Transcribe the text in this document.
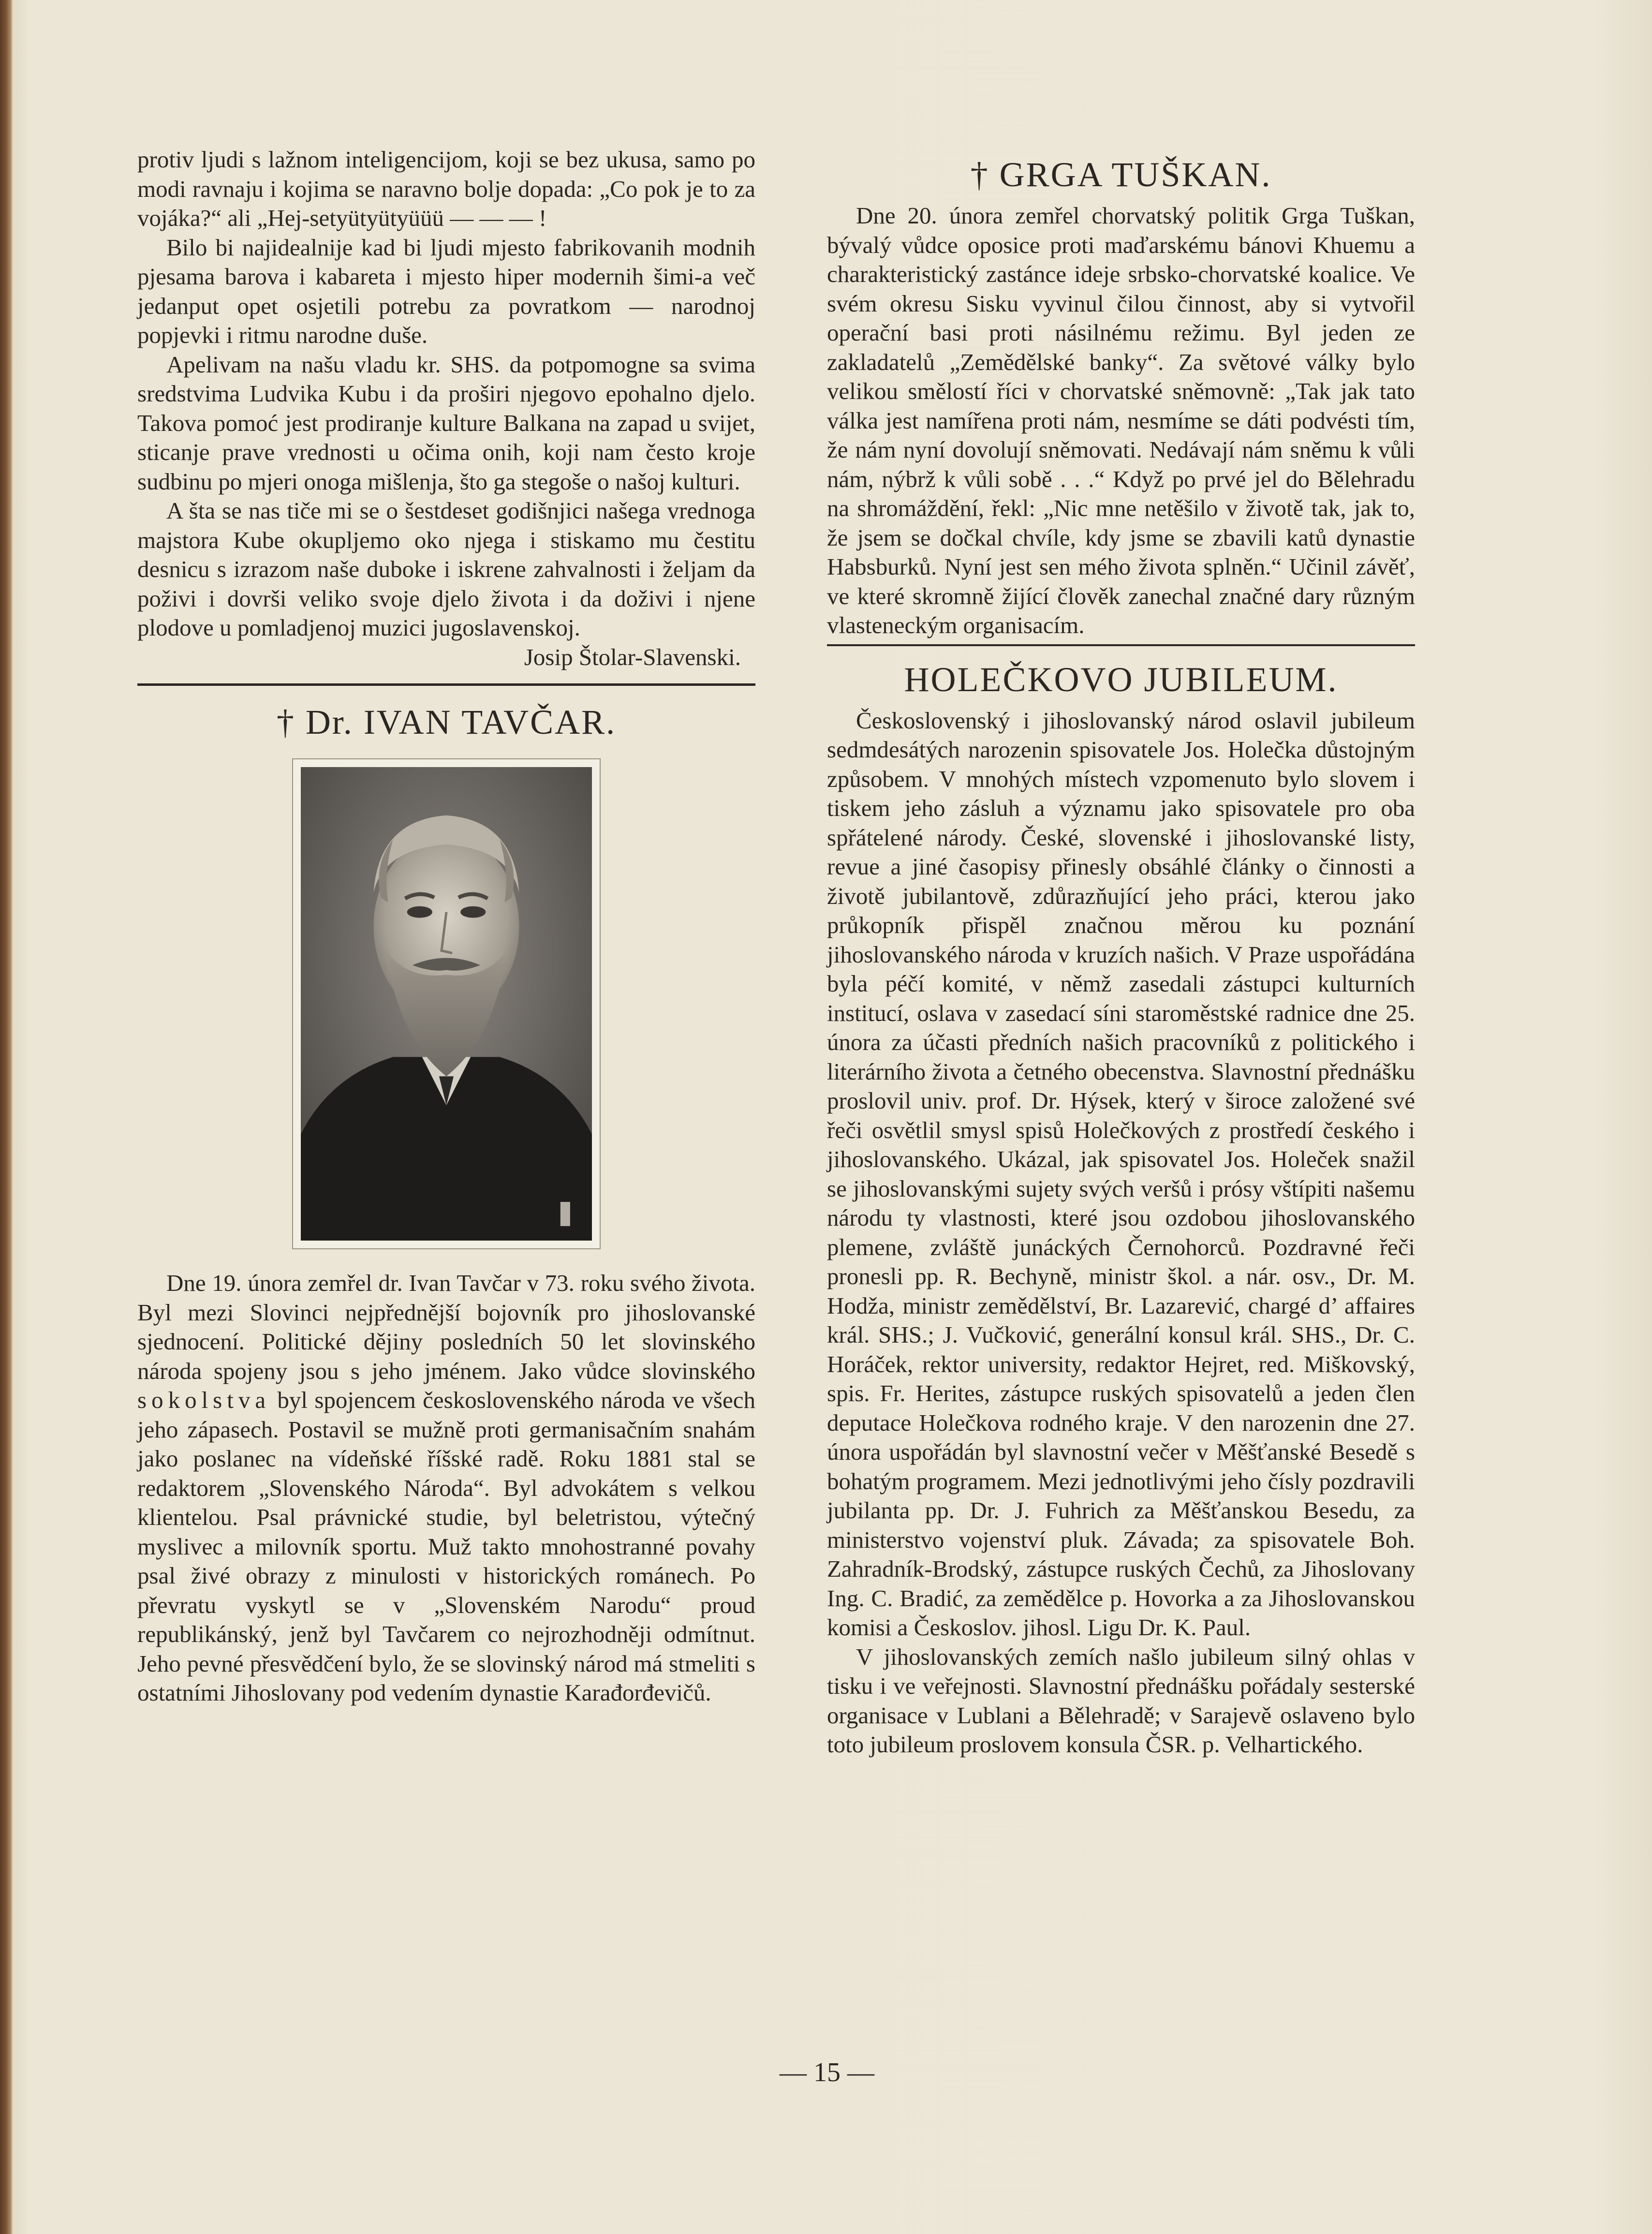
protiv ljudi s lažnom inteligencijom, koji se bez ukusa, samo po modi ravnaju i kojima se naravno bolje dopada: „Co pok je to za vojáka?“ ali „Hej-setyütyütyüüü — — — !

Bilo bi najidealnije kad bi ljudi mjesto fabrikovanih modnih pjesama barova i kabareta i mjesto hiper modernih šimi-a več jedanput opet osjetili potrebu za povratkom — narodnoj popjevki i ritmu narodne duše.

Apelivam na našu vladu kr. SHS. da potpomogne sa svima sredstvima Ludvika Kubu i da proširi njegovo epohalno djelo. Takova pomoć jest prodiranje kulture Balkana na zapad u svijet, sticanje prave vrednosti u očima onih, koji nam često kroje sudbinu po mjeri onoga mišlenja, što ga stegoše o našoj kulturi.

A šta se nas tiče mi se o šestdeset godišnjici našega vrednoga majstora Kube okupljemo oko njega i stiskamo mu čestitu desnicu s izrazom naše duboke i iskrene zahvalnosti i željam da poživi i dovrši veliko svoje djelo života i da doživi i njene plodove u pomladjenoj muzici jugoslavenskoj.

Josip Štolar-Slavenski.

† Dr. IVAN TAVČAR.

Dne 19. února zemřel dr. Ivan Tavčar v 73. roku svého života. Byl mezi Slovinci nejpřednější bojovník pro jihoslovanské sjednocení. Politické dějiny posledních 50 let slovinského národa spojeny jsou s jeho jménem. Jako vůdce slovinského sokolstva byl spojencem československého národa ve všech jeho zápasech. Postavil se mužně proti germanisačním snahám jako poslanec na vídeňské říšské radě. Roku 1881 stal se redaktorem „Slovenského Národa“. Byl advokátem s velkou klientelou. Psal právnické studie, byl beletristou, výtečný myslivec a milovník sportu. Muž takto mnohostranné povahy psal živé obrazy z minulosti v historických románech. Po převratu vyskytl se v „Slovenském Narodu“ proud republikánský, jenž byl Tavčarem co nejrozhodněji odmítnut. Jeho pevné přesvědčení bylo, že se slovinský národ má stmeliti s ostatními Jihoslovany pod vedením dynastie Karađorđevičů.

† GRGA TUŠKAN.

Dne 20. února zemřel chorvatský politik Grga Tuškan, bývalý vůdce oposice proti maďarskému bánovi Khuemu a charakteristický zastánce ideje srbsko-chorvatské koalice. Ve svém okresu Sisku vyvinul čilou činnost, aby si vytvořil operační basi proti násilnému režimu. Byl jeden ze zakladatelů „Zemědělské banky“. Za světové války bylo velikou smělostí říci v chorvatské sněmovně: „Tak jak tato válka jest namířena proti nám, nesmíme se dáti podvésti tím, že nám nyní dovolují sněmovati. Nedávají nám sněmu k vůli nám, nýbrž k vůli sobě . . .“ Když po prvé jel do Bělehradu na shromáždění, řekl: „Nic mne netěšilo v životě tak, jak to, že jsem se dočkal chvíle, kdy jsme se zbavili katů dynastie Habsburků. Nyní jest sen mého života splněn.“ Učinil závěť, ve které skromně žijící člověk zanechal značné dary různým vlasteneckým organisacím.

HOLEČKOVO JUBILEUM.

Československý i jihoslovanský národ oslavil jubileum sedmdesátých narozenin spisovatele Jos. Holečka důstojným způsobem. V mnohých místech vzpomenuto bylo slovem i tiskem jeho zásluh a významu jako spisovatele pro oba spřátelené národy. České, slovenské i jihoslovanské listy, revue a jiné časopisy přinesly obsáhlé články o činnosti a životě jubilantově, zdůrazňující jeho práci, kterou jako průkopník přispěl značnou měrou ku poznání jihoslovanského národa v kruzích našich. V Praze uspořádána byla péčí komité, v němž zasedali zástupci kulturních institucí, oslava v zasedací síni staroměstské radnice dne 25. února za účasti předních našich pracovníků z politického i literárního života a četného obecenstva. Slavnostní přednášku proslovil univ. prof. Dr. Hýsek, který v široce založené své řeči osvětlil smysl spisů Holečkových z prostředí českého i jihoslovanského. Ukázal, jak spisovatel Jos. Holeček snažil se jihoslovanskými sujety svých veršů i prósy vštípiti našemu národu ty vlastnosti, které jsou ozdobou jihoslovanského plemene, zvláště junáckých Černohorců. Pozdravné řeči pronesli pp. R. Bechyně, ministr škol. a nár. osv., Dr. M. Hodža, ministr zemědělství, Br. Lazarević, chargé d’ affaires král. SHS.; J. Vučković, generální konsul král. SHS., Dr. C. Horáček, rektor university, redaktor Hejret, red. Miškovský, spis. Fr. Herites, zástupce ruských spisovatelů a jeden člen deputace Holečkova rodného kraje. V den narozenin dne 27. února uspořádán byl slavnostní večer v Měšťanské Besedě s bohatým programem. Mezi jednotlivými jeho čísly pozdravili jubilanta pp. Dr. J. Fuhrich za Měšťanskou Besedu, za ministerstvo vojenství pluk. Závada; za spisovatele Boh. Zahradník-Brodský, zástupce ruských Čechů, za Jihoslovany Ing. C. Bradić, za zemědělce p. Hovorka a za Jihoslovanskou komisi a Českoslov. jihosl. Ligu Dr. K. Paul.

V jihoslovanských zemích našlo jubileum silný ohlas v tisku i ve veřejnosti. Slavnostní přednášku pořádaly sesterské organisace v Lublani a Bělehradě; v Sarajevě oslaveno bylo toto jubileum proslovem konsula ČSR. p. Velhartického.

— 15 —
